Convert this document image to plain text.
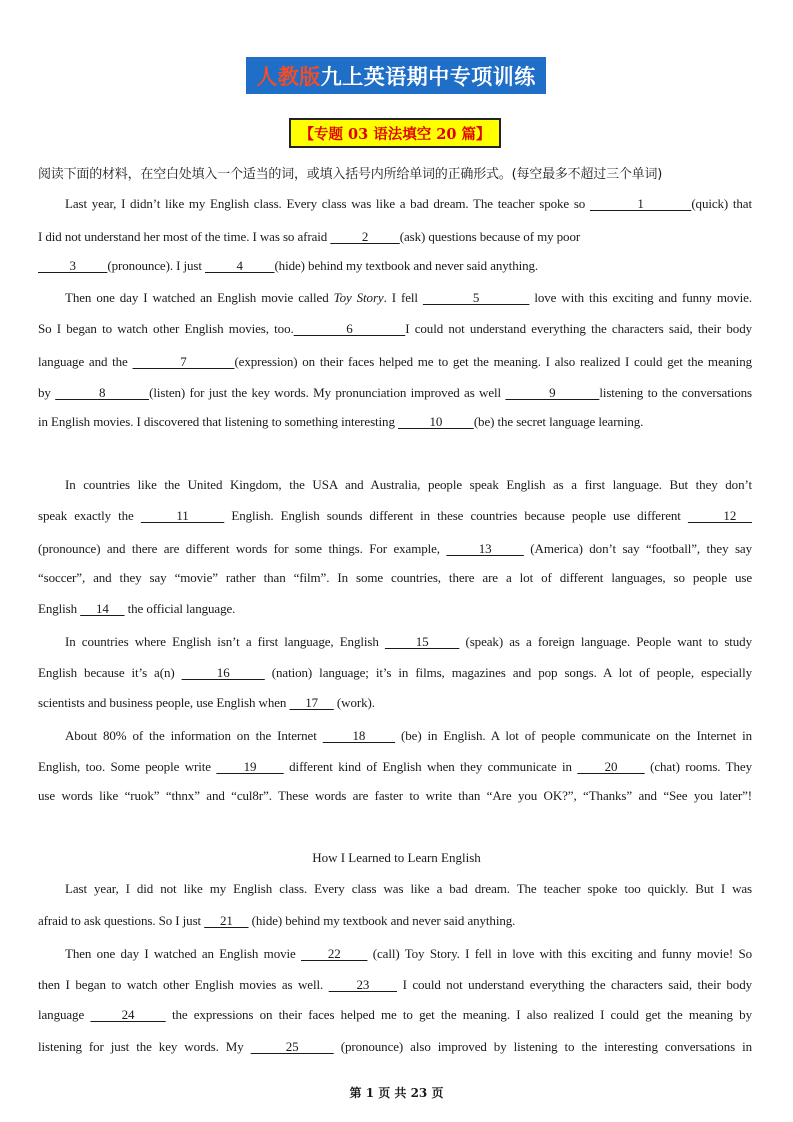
人教版 九上英语期中专项训练
【专题 03 语法填空 20 篇】
阅读下面的材料，在空白处填入一个适当的词，或填入括号内所给单词的正确形式。(每空最多不超过三个单词)
Last year, I didn’t like my English class. Every class was like a bad dream. The teacher spoke so           1          (quick) that
I did not understand her most of the time. I was so afraid           2          (ask) questions because of my poor
3          (pronounce). I just           4          (hide) behind my textbook and never said anything.
Then one day I watched an English movie called Toy Story. I fell           5           love with this exciting and funny movie.
So I began to watch other English movies, too.          6          I could not understand everything the characters said, their body
language and the           7          (expression) on their faces helped me to get the meaning. I also realized I could get the meaning
by           8          (listen) for just the key words. My pronunciation improved as well           9          listening to the conversations
in English movies. I discovered that listening to something interesting           10          (be) the secret language learning.
In countries like the United Kingdom, the USA and Australia, people speak English as a first language. But they don’t
speak exactly the      11      English. English sounds different in these countries because people use different      12
(pronounce) and there are different words for some things. For example,      13      (America) don’t say “football”, they say
“soccer”, and they say “movie” rather than “film”. In some countries, there are a lot of different languages, so people use
English      14      the official language.
In countries where English isn’t a first language, English      15      (speak) as a foreign language. People want to study
English because it’s a(n)      16      (nation) language; it’s in films, magazines and pop songs. A lot of people, especially
scientists and business people, use English when      17      (work).
About 80% of the information on the Internet      18      (be) in English. A lot of people communicate on the Internet in
English, too. Some people write      19      different kind of English when they communicate in      20      (chat) rooms. They
use words like “ruok” “thnx” and “cul8r”. These words are faster to write than “Are you OK?”, “Thanks” and “See you later”!
Last year, I did not like my English class. Every class was like a bad dream. The teacher spoke too quickly. But I was
afraid to ask questions. So I just      21      (hide) behind my textbook and never said anything.
Then one day I watched an English movie      22      (call) Toy Story. I fell in love with this exciting and funny movie! So
then I began to watch other English movies as well.      23      I could not understand everything the characters said, their body
language      24      the expressions on their faces helped me to get the meaning. I also realized I could get the meaning by
listening for just the key words. My      25      (pronounce) also improved by listening to the interesting conversations in
How I Learned to Learn English
第 1 页 共 23 页
